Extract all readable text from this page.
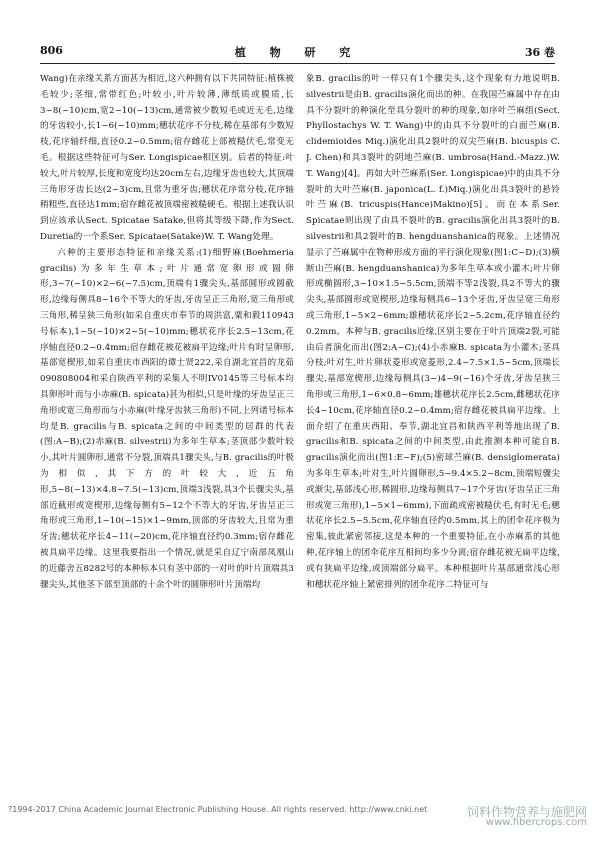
806	植 物 研 究	36 卷

Wang)在亲缘关系方面甚为相近,这六种拥有以下共同特征:植株被毛较少;茎细,常带红色;叶较小,叶片较薄,薄纸质或膜质,长3~8(~10)cm,宽2~10(~13)cm,通常被少数短毛或近无毛,边缘的牙齿较小,长1~6(~10)mm;穗状花序不分枝,稀在基部有少数短枝,花序轴纤细,直径0.2~0.5mm;宿存雌花上部被糙伏毛,常变无毛。根据这些特征可与Ser. Longispicae相区别。后者的特征:叶较大,叶片较厚,长度和宽度均达20cm左右,边缘牙齿也较大,其顶端三角形牙齿长达(2~3)cm,且常为重牙齿;穗状花序常分枝,花序轴稍粗些,直径达1mm;宿存雌花被顶端密被糙硬毛。根据上述我认识到应该承认Sect. Spicatae Satake,但将其等级下降,作为Sect. Duretia的一个系Ser. Spicatae(Satake)W. T. Wang处理。

六种的主要形态特征和亲缘关系:(1)细野麻(Boehmeria gracilis)为多年生草本;叶片通常宽卵形或圆卵形,3~7(~10)×2~6(~7.5)cm,顶端有1骤尖头,基部圆形或圆截形,边缘每侧具8~16个不等大的牙齿,牙齿呈正三角形,宽三角形或三角形,稀呈狭三角形(如采自重庆市奉节的周洪富,粟和毅110943号标本),1~5(~10)×2~5(~10)mm;穗状花序长2.5~13cm,花序轴直径0.2~0.4mm;宿存雌花被花被扁平边缘;叶片有时呈卵形,基部宽楔形,如采自重庆市西阳的谭士贤222,采自湖北宜昌的龙茹090808004和采自陕西平利的采集人不明IV0145等三号标本均具卵形叶而与小赤麻(B. spicata)甚为相似,只是叶缘的牙齿呈正三角形或宽三角形而与小赤麻(叶缘牙齿狭三角形)不同,上列诸号标本均是B. gracilis与B. spicata之间的中间类型的居群的代表(图:A~B);(2)赤麻(B. silvestrii)为多年生草本;茎顶部少数叶较小,其叶片圆卵形,通常不分裂,顶端具1骤尖头,与B. gracilis的叶极为相似,其下方的叶较大,近五角形,5~8(~13)×4.8~7.5(~13)cm,顶端3浅裂,具3个长骤尖头,基部近截形或宽楔形,边缘每侧有5~12个不等大的牙齿,牙齿呈正三角形或三角形,1~10(~15)×1~9mm,顶部的牙齿较大,且常为重牙齿;穗状花序长4~11(~20)cm,花序轴直径约0.3mm;宿存雌花被具扁平边缘。这里我要指出一个情况,就是采自辽宁南部凤凰山的近藤舍五8282号的本种标本只有茎中部的一对叶的叶片顶端具3骤尖头,其他茎下部至顶部的十余个叶的圆卵形叶片顶端均

象B. gracilis的叶一样只有1个骤尖头,这个现象有力地说明B. silvestrii是由B. gracilis演化而出的种。在我国苎麻属中存在由具不分裂叶的种演化至具分裂叶的种的现象,如序叶苎麻组(Sect. Phyllostachys W. T. Wang)中的由具不分裂叶的白面苎麻(B. clidemioides Miq.)演化出具2裂叶的双尖苎麻(B. bicuspis C. J. Chen)和具3裂叶的阴地苎麻(B. umbrosa(Hand.-Mazz.)W. T. Wang)[4]。再如大叶苎麻系(Ser. Longispicae)中的由具不分裂叶的大叶苎麻(B. japonica(L. f.)Miq.)演化出具3裂叶的悬铃叶苎麻(B. tricuspis(Hance)Makino)[5]。而在本系Ser. Spicatae则出现了由具不裂叶的B. gracilis演化出具3裂叶的B. silvestrii和具2裂叶的B. hengduanshanica的现象。上述情况显示了苎麻属中在物种形成方面的平行演化现象(图1:C~D);(3)横断山苎麻(B. hengduanshanica)为多年生草本或小灌木;叶片卵形或椭圆形,3~10×1.5~5.5cm,顶端不等2浅裂,具2不等大的骤尖头,基部圆形或宽楔形,边缘每侧具6~13个牙齿,牙齿呈宽三角形或三角形,1~5×2~6mm;雄穗状花序长2~5.2cm,花序轴直径约0.2mm。本种与B. gracilis近缘,区别主要在于叶片顶端2裂,可能由后者演化而出(图2:A~C);(4)小赤麻B. spicata为小灌木;茎具分枝;叶对生,叶片卵状菱形或宽菱形,2.4~7.5×1.5~5cm,顶端长骤尖,基部宽楔形,边缘每侧具(3~)4~9(~16)个牙齿,牙齿呈狭三角形或三角形,1~6×0.8~6mm;雄穗状花序长2.5cm,雌穗状花序长4~10cm,花序轴直径0.2~0.4mm;宿存雌花被具扁平边缘。上面介绍了在重庆西阳、奉节,湖北宜昌和陕西平利等地出现了B. gracilis和B. spicata之间的中间类型,由此推测本种可能自B. gracilis演化而出(图1:E~F);(5)密球苎麻(B. densiglomerata)为多年生草本;叶对生,叶片圆卵形,5~9.4×5.2~8cm,顶端短骤尖或渐尖,基部浅心形,稀圆形,边缘每侧具7~17个牙齿(牙齿呈正三角形或宽三角形),1~5×1~6mm),下面疏或密被糙伏毛,有时无毛;穗状花序长2.5~5.5cm,花序轴直径约0.5mm,其上的团伞花序极为密集,彼此紧密邻接,这是本种的一个重要特征,在小赤麻系的其他种,花序轴上的团伞花序互相间均多少分离;宿存雌花被无扁平边缘,或有狭扁平边缘,或顶端部分扁平。本种根据叶片基部通常浅心形和穗状花序轴上紧密排列的团伞花序二特征可与

?1994-2017 China Academic Journal Electronic Publishing House. All rights reserved. http://www.cnki.net	饲料作物营养与施肥网
www.fibercrops.com
